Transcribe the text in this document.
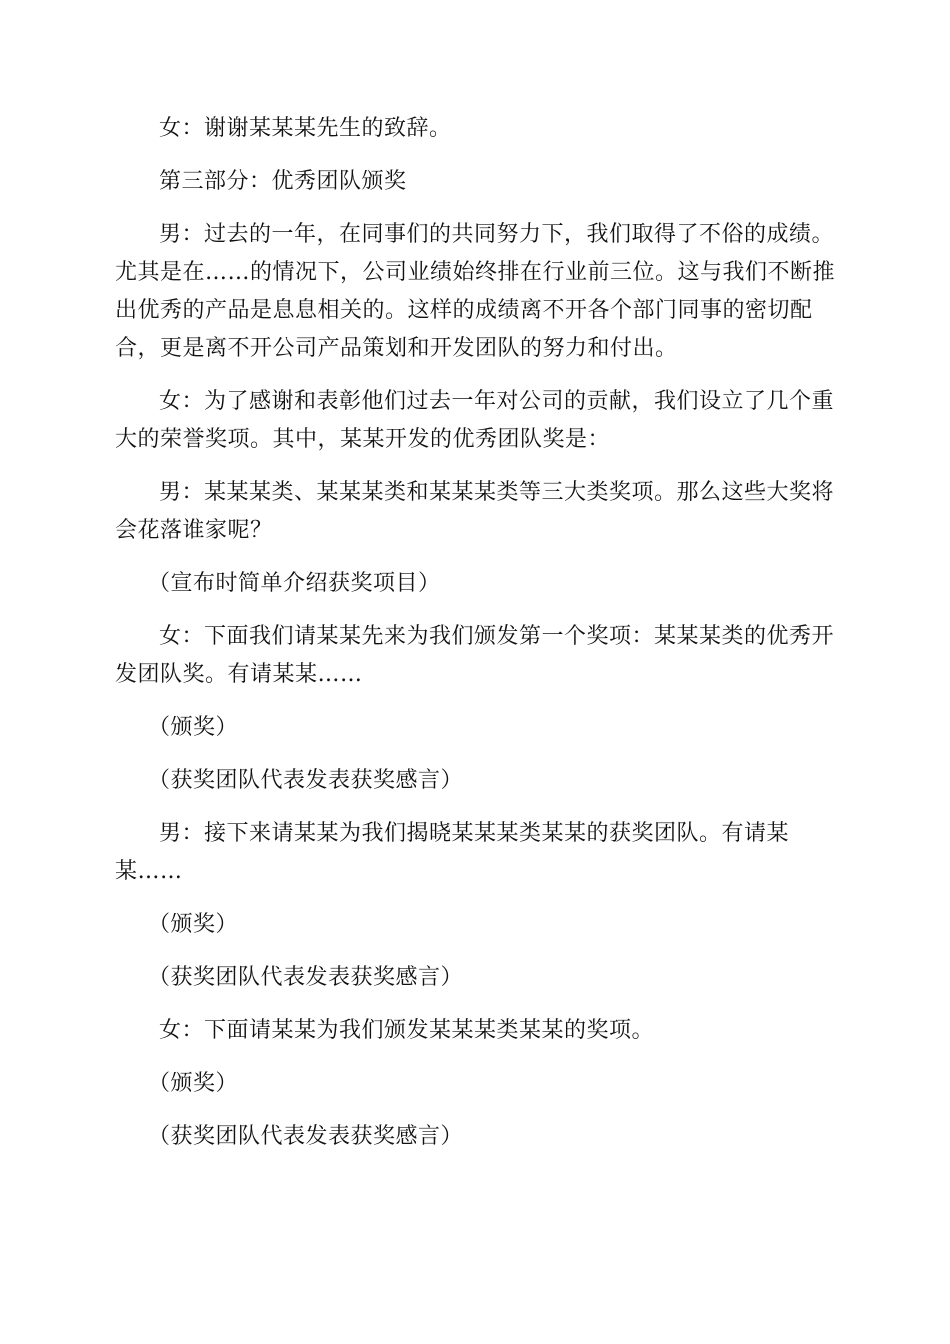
女：谢谢某某某先生的致辞。

第三部分：优秀团队颁奖

男：过去的一年，在同事们的共同努力下，我们取得了不俗的成绩。尤其是在……的情况下，公司业绩始终排在行业前三位。这与我们不断推出优秀的产品是息息相关的。这样的成绩离不开各个部门同事的密切配合，更是离不开公司产品策划和开发团队的努力和付出。

女：为了感谢和表彰他们过去一年对公司的贡献，我们设立了几个重大的荣誉奖项。其中，某某开发的优秀团队奖是：

男：某某某类、某某某类和某某某类等三大类奖项。那么这些大奖将会花落谁家呢？

（宣布时简单介绍获奖项目）

女：下面我们请某某先来为我们颁发第一个奖项：某某某类的优秀开发团队奖。有请某某……

（颁奖）

（获奖团队代表发表获奖感言）

男：接下来请某某为我们揭晓某某某类某某的获奖团队。有请某某……

（颁奖）

（获奖团队代表发表获奖感言）

女：下面请某某为我们颁发某某某类某某的奖项。

（颁奖）

（获奖团队代表发表获奖感言）
